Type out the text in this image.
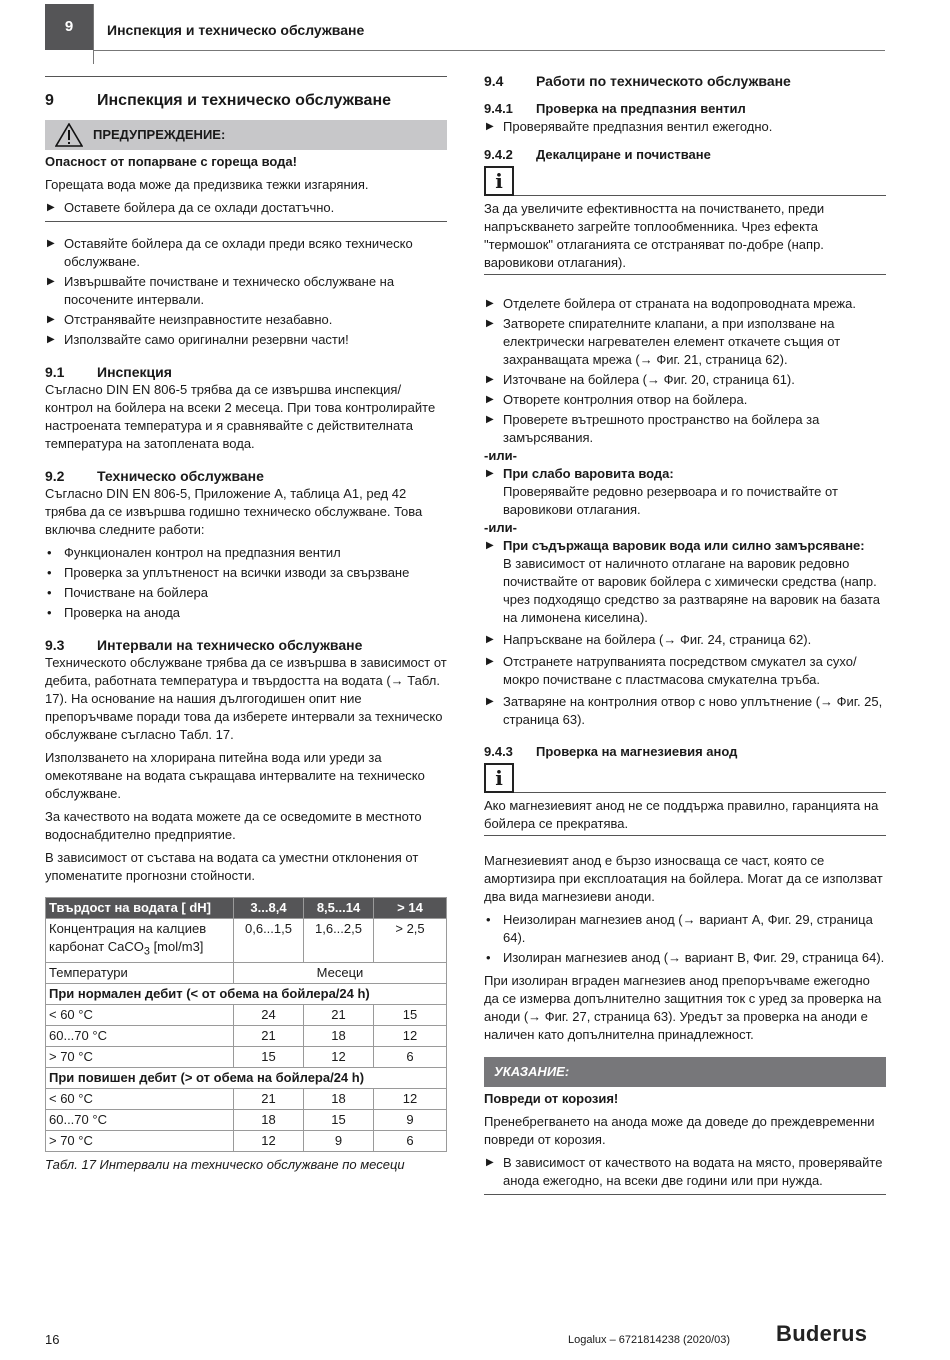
9	Инспекция и техническо обслужване
9	Инспекция и техническо обслужване
ПРЕДУПРЕЖДЕНИЕ:

Опасност от попарване с гореща вода!

Горещата вода може да предизвика тежки изгаряния.

▶ Оставете бойлера да се охлади достатъчно.
▶ Оставяйте бойлера да се охлади преди всяко техническо обслужване.
▶ Извършвайте почистване и техническо обслужване на посочените интервали.
▶ Отстранявайте неизправностите незабавно.
▶ Използвайте само оригинални резервни части!
9.1	Инспекция

Съгласно DIN EN 806-5 трябва да се извършва инспекция/контрол на бойлера на всеки 2 месеца. При това контролирайте настроената температура и я сравнявайте с действителната температура на затоплената вода.

9.2	Техническо обслужване

Съгласно DIN EN 806-5, Приложение A, таблица A1, ред 42 трябва да се извършва годишно техническо обслужване. Това включва следните работи:

• Функционален контрол на предпазния вентил
• Проверка за уплътненост на всички изводи за свързване
• Почистване на бойлера
• Проверка на анода
9.3	Интервали на техническо обслужване

Техническото обслужване трябва да се извършва в зависимост от дебита, работната температура и твърдостта на водата (→ Табл. 17). На основание на нашия дългогодишен опит ние препоръчваме поради това да изберете интервали за техническо обслужване съгласно Табл. 17.

Използването на хлорирана питейна вода или уреди за омекотяване на водата съкращава интервалите на техническо обслужване.

За качеството на водата можете да се осведомите в местното водоснабдително предприятие.

В зависимост от състава на водата са уместни отклонения от упоменатите прогнозни стойности.

Твърдост на водата [ dH]	3...8,4	8,5...14	> 14
Концентрация на калциев карбонат CaCO$_3$ [mol/m3]	0,6...1,5	1,6...2,5	> 2,5
Температури	Месеци		
При нормален дебит (< от обема на бойлера/24 h)			
< 60 °C	24	21	15
60...70 °C	21	18	12
> 70 °C	15	12	6
При повишен дебит (> от обема на бойлера/24 h)			
< 60 °C	21	18	12
60...70 °C	18	15	9
> 70 °C	12	9	6

Табл. 17 Интервали на техническо обслужване по месеци

9.4	Работи по техническото обслужване
9.4.1	Проверка на предпазния вентил
▶ Проверявайте предпазния вентил ежегодно.
9.4.2	Декалциране и почистване
i

За да увеличите ефективността на почистването, преди напръскването загрейте топлообменника. Чрез ефекта "термошок" отлаганията се отстраняват по-добре (напр. варовикови отлагания).

▶ Отделете бойлера от страната на водопроводната мрежа.
▶ Затворете спирателните клапани, а при използване на електрически нагревателен елемент откачете същия от захранващата мрежа (→ Фиг. 21, страница 62).
▶ Източване на бойлера (→ Фиг. 20, страница 61).
▶ Отворете контролния отвор на бойлера.
▶ Проверете вътрешното пространство на бойлера за замърсявания.

-или-

▶ При слабо варовита вода:
Проверявайте редовно резервоара и го почиствайте от варовикови отлагания.

-или-

▶ При съдържаща варовик вода или силно замърсяване:
В зависимост от наличното отлагане на варовик редовно почиствайте от варовик бойлера с химически средства (напр. чрез подходящо средство за разтваряне на варовик на базата на лимонена киселина).
▶ Напръскване на бойлера (→ Фиг. 24, страница 62).
▶ Отстранете натрупванията посредством смукател за сухо/мокро почистване с пластмасова смукателна тръба.
▶ Затваряне на контролния отвор с ново уплътнение (→ Фиг. 25, страница 63).
9.4.3	Проверка на магнезиевия анод
i

Ако магнезиевият анод не се поддържа правилно, гаранцията на бойлера се прекратява.

Магнезиевият анод е бързо износваща се част, която се амортизира при експлоатация на бойлера. Могат да се използват два вида магнезиеви аноди.

• Неизолиран магнезиев анод (→ вариант A, Фиг. 29, страница 64).
• Изолиран магнезиев анод (→ вариант B, Фиг. 29, страница 64).

При изолиран вграден магнезиев анод препоръчваме ежегодно да се измерва допълнително защитния ток с уред за проверка на аноди (→ Фиг. 27, страница 63). Уредът за проверка на аноди е наличен като допълнителна принадлежност.

УКАЗАНИЕ:

Повреди от корозия!

Пренебрегването на анода може да доведе до преждевременни повреди от корозия.

▶ В зависимост от качеството на водата на място, проверявайте анода ежегодно, на всеки две години или при нужда.
16	Logalux – 6721814238 (2020/03) Buderus
